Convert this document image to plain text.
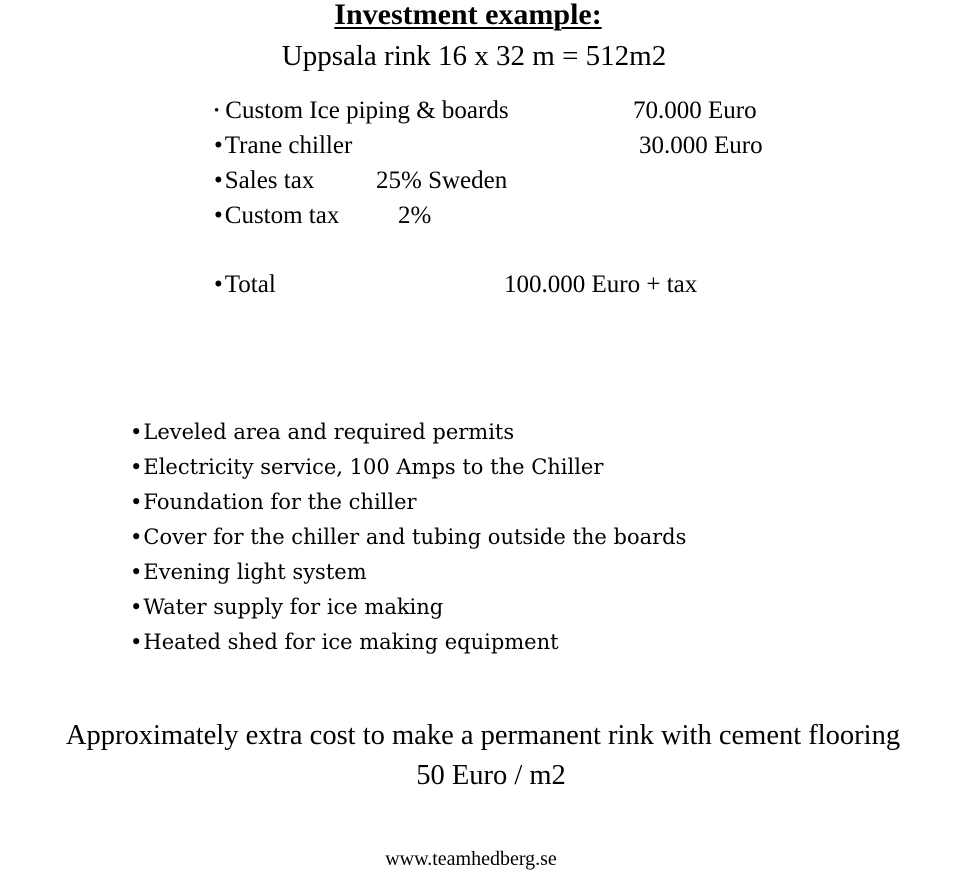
Investment example:
Uppsala rink 16 x 32 m = 512m2
• Custom Ice piping & boards	70.000 Euro
•Trane chiller	30.000 Euro
•Sales tax 25% Sweden
•Custom tax 2%
•Total	100.000 Euro + tax
• Leveled area and required permits
• Electricity service, 100 Amps to the Chiller
• Foundation for the chiller
• Cover for the chiller and tubing outside the boards
• Evening light system
• Water supply for ice making
• Heated shed for ice making equipment
Approximately extra cost to make a permanent rink with cement flooring
50 Euro / m2
www.teamhedberg.se
